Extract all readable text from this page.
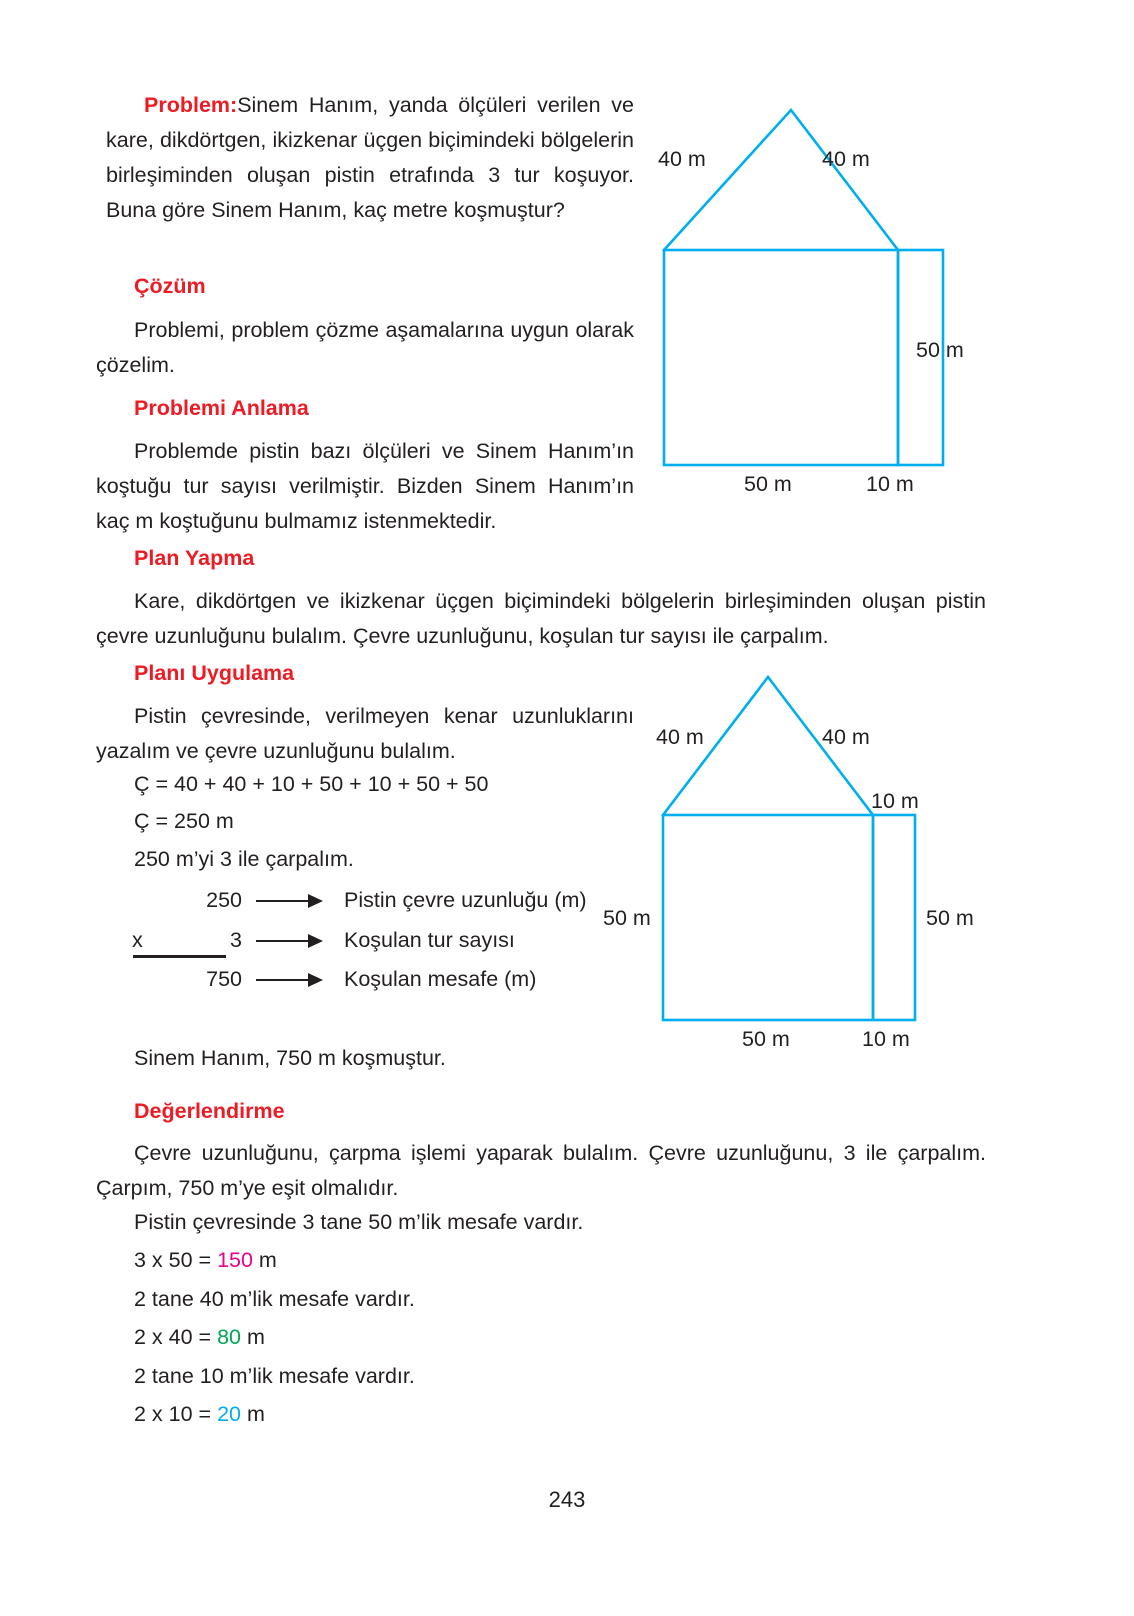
Problem:Sinem Hanım, yanda ölçüleri verilen ve kare, dikdörtgen, ikizkenar üçgen biçimindeki bölgelerin birleşiminden oluşan pistin etrafında 3 tur koşuyor. Buna göre Sinem Hanım, kaç metre koşmuştur?
Çözüm
Problemi, problem çözme aşamalarına uygun olarak çözelim.
Problemi Anlama
Problemde pistin bazı ölçüleri ve Sinem Hanım’ın koştuğu tur sayısı verilmiştir. Bizden Sinem Hanım’ın kaç m koştuğunu bulmamız istenmektedir.
Plan Yapma
Kare, dikdörtgen ve ikizkenar üçgen biçimindeki bölgelerin birleşiminden oluşan pistin çevre uzunluğunu bulalım. Çevre uzunluğunu, koşulan tur sayısı ile çarpalım.
Planı Uygulama
Pistin çevresinde, verilmeyen kenar uzunluklarını yazalım ve çevre uzunluğunu bulalım.
Ç = 40 + 40 + 10 + 50 + 10 + 50 + 50
Ç = 250 m
250 m’yi 3 ile çarpalım.
250	Pistin çevre uzunluğu (m)
x	3	Koşulan tur sayısı
750	Koşulan mesafe (m)
Sinem Hanım, 750 m koşmuştur.
Değerlendirme
Çevre uzunluğunu, çarpma işlemi yaparak bulalım. Çevre uzunluğunu, 3 ile çarpalım. Çarpım, 750 m’ye eşit olmalıdır.
Pistin çevresinde 3 tane 50 m’lik mesafe vardır.
3 x 50 = 150 m
2 tane 40 m’lik mesafe vardır.
2 x 40 = 80 m
2 tane 10 m’lik mesafe vardır.
2 x 10 = 20 m
40 m	40 m
50 m
50 m	10 m
40 m	40 m
10 m
50 m	50 m
50 m	10 m
243
